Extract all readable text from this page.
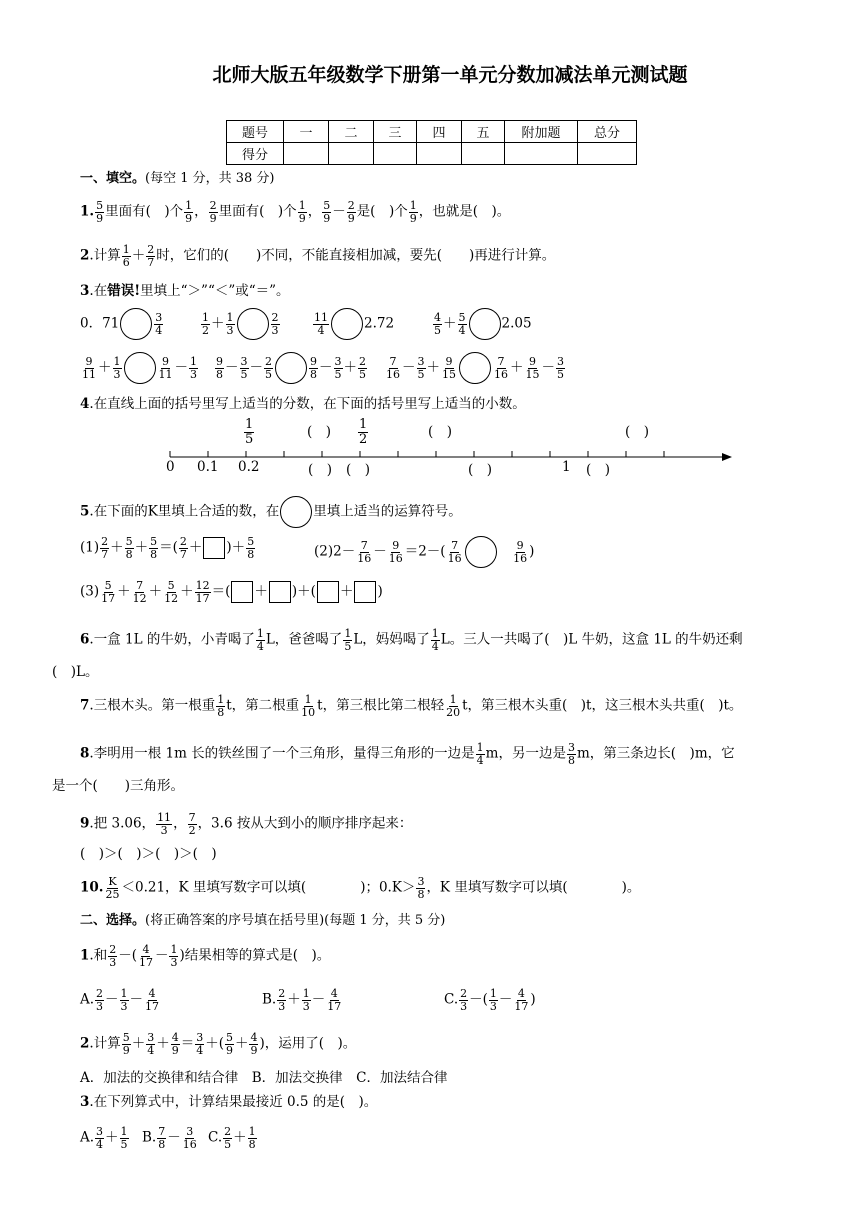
北师大版五年级数学下册第一单元分数加减法单元测试题
题号	一	二	三	四	五	附加题	总分
得分							
一、填空。(每空 1 分，共 38 分)
1. $\frac{5}{9}$ 里面有(　)个 $\frac{1}{9}$ ， $\frac{2}{9}$ 里面有(　)个 $\frac{1}{9}$ ， $\frac{5}{9} - \frac{2}{9}$ 是(　)个 $\frac{1}{9}$ ，也就是(　)。
2.计算 $\frac{1}{6} + \frac{2}{7}$ 时，它们的(　　)不同，不能直接相加减，要先(　　)再进行计算。
3.在错误!里填上“＞”“＜”或“＝”。
0．71	$\frac{3}{4}$	$\frac{1}{2} + \frac{1}{3}$	$\frac{2}{3}$	$\frac{11}{4}$	2.72	$\frac{4}{5} + \frac{5}{4}$	2.05
$\frac{9}{11} + \frac{1}{3}$	$\frac{9}{11} - \frac{1}{3} \frac{9}{8} - \frac{3}{5} - \frac{2}{5}$	$\frac{9}{8} - \frac{3}{5} + \frac{2}{5} \frac{7}{16} - \frac{3}{5} + \frac{9}{15}$	$\frac{7}{16} + \frac{9}{15} - \frac{3}{5}$
4.在直线上面的括号里写上适当的分数，在下面的括号里写上适当的小数。
$\frac{1}{5}$	(　) $\frac{1}{2}$	(　)	(　)
0 0.1 0.2	(　) (　)	(　)	1 (　)
5.在下面的K里填上合适的数，在	里填上适当的运算符号。
$(1) \frac{2}{7} + \frac{5}{8} + \frac{5}{8}$ ＝( $\frac{2}{7}$ ＋ )＋ $\frac{5}{8}$	$(2)2- \frac{7}{16} - \frac{9}{16} =2-( \frac{7}{16}$
　	$\frac{9}{16}$ )
$(3) \frac{5}{17} + \frac{7}{12} + \frac{5}{12} + \frac{12}{17}$ ＝( ＋ )＋( ＋ )
6.一盒 1L 的牛奶，小青喝了 $\frac{1}{4}$ L，爸爸喝了 $\frac{1}{5}$ L，妈妈喝了 $\frac{1}{4}$ L。三人一共喝了(　)L 牛奶，这盒 1L 的牛奶还剩
(　)L。
7.三根木头。第一根重 $\frac{1}{8}$ t，第二根重 $\frac{1}{10}$ t，第三根比第二根轻 $\frac{1}{20}$ t，第三根木头重(　)t，这三根木头共重(　)t。
8.李明用一根 1m 长的铁丝围了一个三角形，量得三角形的一边是 $\frac{1}{4}$ m，另一边是 $\frac{3}{8}$ m，第三条边长(　)m，它
是一个(　　)三角形。
9.把 3.06， $\frac{11}{3}$ ， $\frac{7}{2}$ ，3.6 按从大到小的顺序排序起来：
(　)＞(　)＞(　)＞(　)
10. $\frac{K}{25} <0.21$，K 里填写数字可以填(　　　　)；$0.K> \frac{3}{8}$ ，K 里填写数字可以填(　　　　)。
二、选择。(将正确答案的序号填在括号里)(每题 1 分，共 5 分)
1.和 $\frac{2}{3}$ －( $\frac{4}{17} - \frac{1}{3}$ )结果相等的算式是(　)。
A. $\frac{2}{3} - \frac{1}{3} - \frac{4}{17}$	B. $\frac{2}{3} + \frac{1}{3} - \frac{4}{17}$	C. $\frac{2}{3}$ －( $\frac{1}{3} - \frac{4}{17}$ )
2.计算 $\frac{5}{9} + \frac{3}{4} + \frac{4}{9} = \frac{3}{4}$ ＋( $\frac{5}{9} + \frac{4}{9}$ )，运用了(　)。
A．加法的交换律和结合律　B．加法交换律　C．加法结合律
3.在下列算式中，计算结果最接近 0.5 的是(　)。
A. $\frac{3}{4} + \frac{1}{5} B$. $\frac{7}{8} - \frac{3}{16} C$. $\frac{2}{5} + \frac{1}{8}$
